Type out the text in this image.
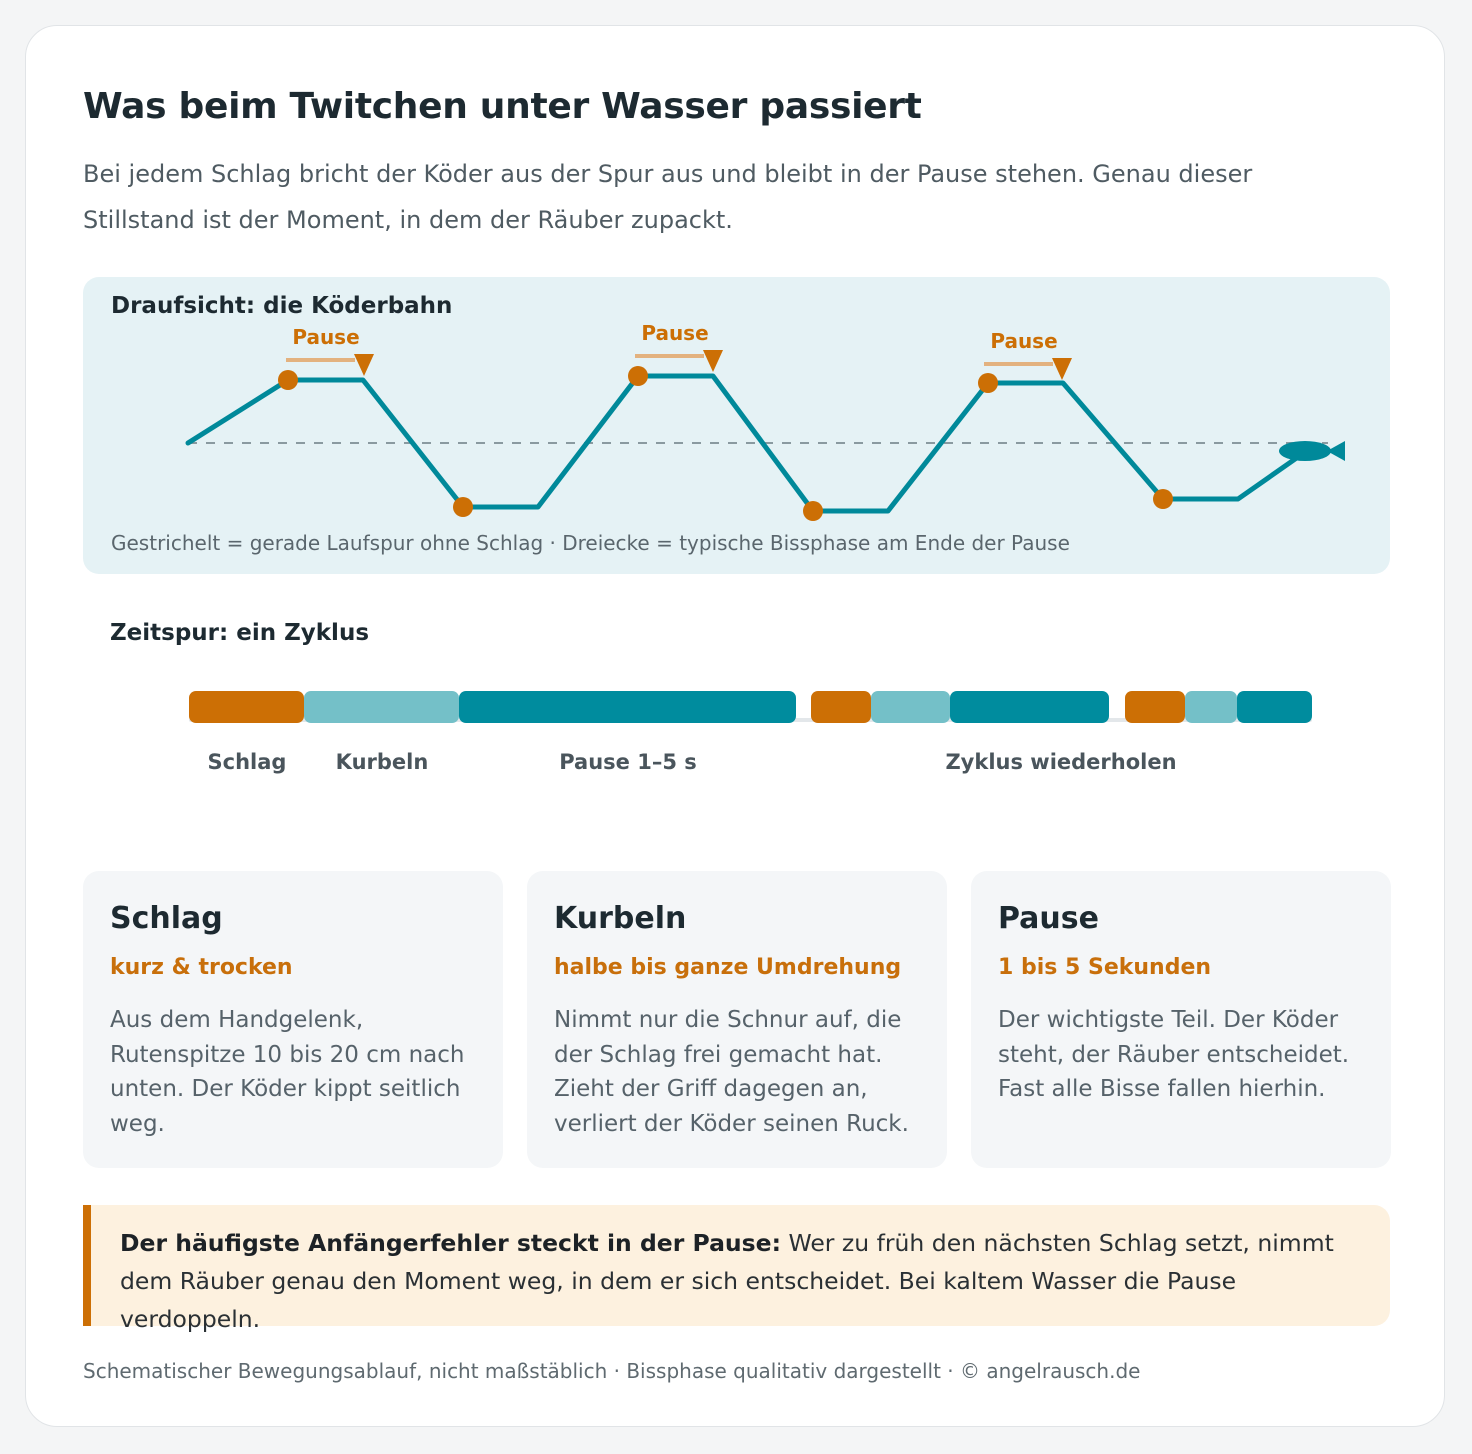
Was beim Twitchen unter Wasser passiert

Bei jedem Schlag bricht der Köder aus der Spur aus und bleibt in der Pause stehen. Genau dieser Stillstand ist der Moment, in dem der Räuber zupackt.

Draufsicht: die Köderbahn
Pause	Pause	Pause
Gestrichelt = gerade Laufspur ohne Schlag · Dreiecke = typische Bissphase am Ende der Pause
Zeitspur: ein Zyklus
Schlag Kurbeln	Pause 1–5 s	Zyklus wiederholen
Schlag

kurz & trocken

Aus dem Handgelenk, Rutenspitze 10 bis 20 cm nach unten. Der Köder kippt seitlich weg.

Kurbeln

halbe bis ganze Umdrehung

Nimmt nur die Schnur auf, die der Schlag frei gemacht hat. Zieht der Griff dagegen an, verliert der Köder seinen Ruck.

Pause

1 bis 5 Sekunden

Der wichtigste Teil. Der Köder steht, der Räuber entscheidet. Fast alle Bisse fallen hierhin.

Der häufigste Anfängerfehler steckt in der Pause: Wer zu früh den nächsten Schlag setzt, nimmt dem Räuber genau den Moment weg, in dem er sich entscheidet. Bei kaltem Wasser die Pause verdoppeln.

Schematischer Bewegungsablauf, nicht maßstäblich · Bissphase qualitativ dargestellt · © angelrausch.de
